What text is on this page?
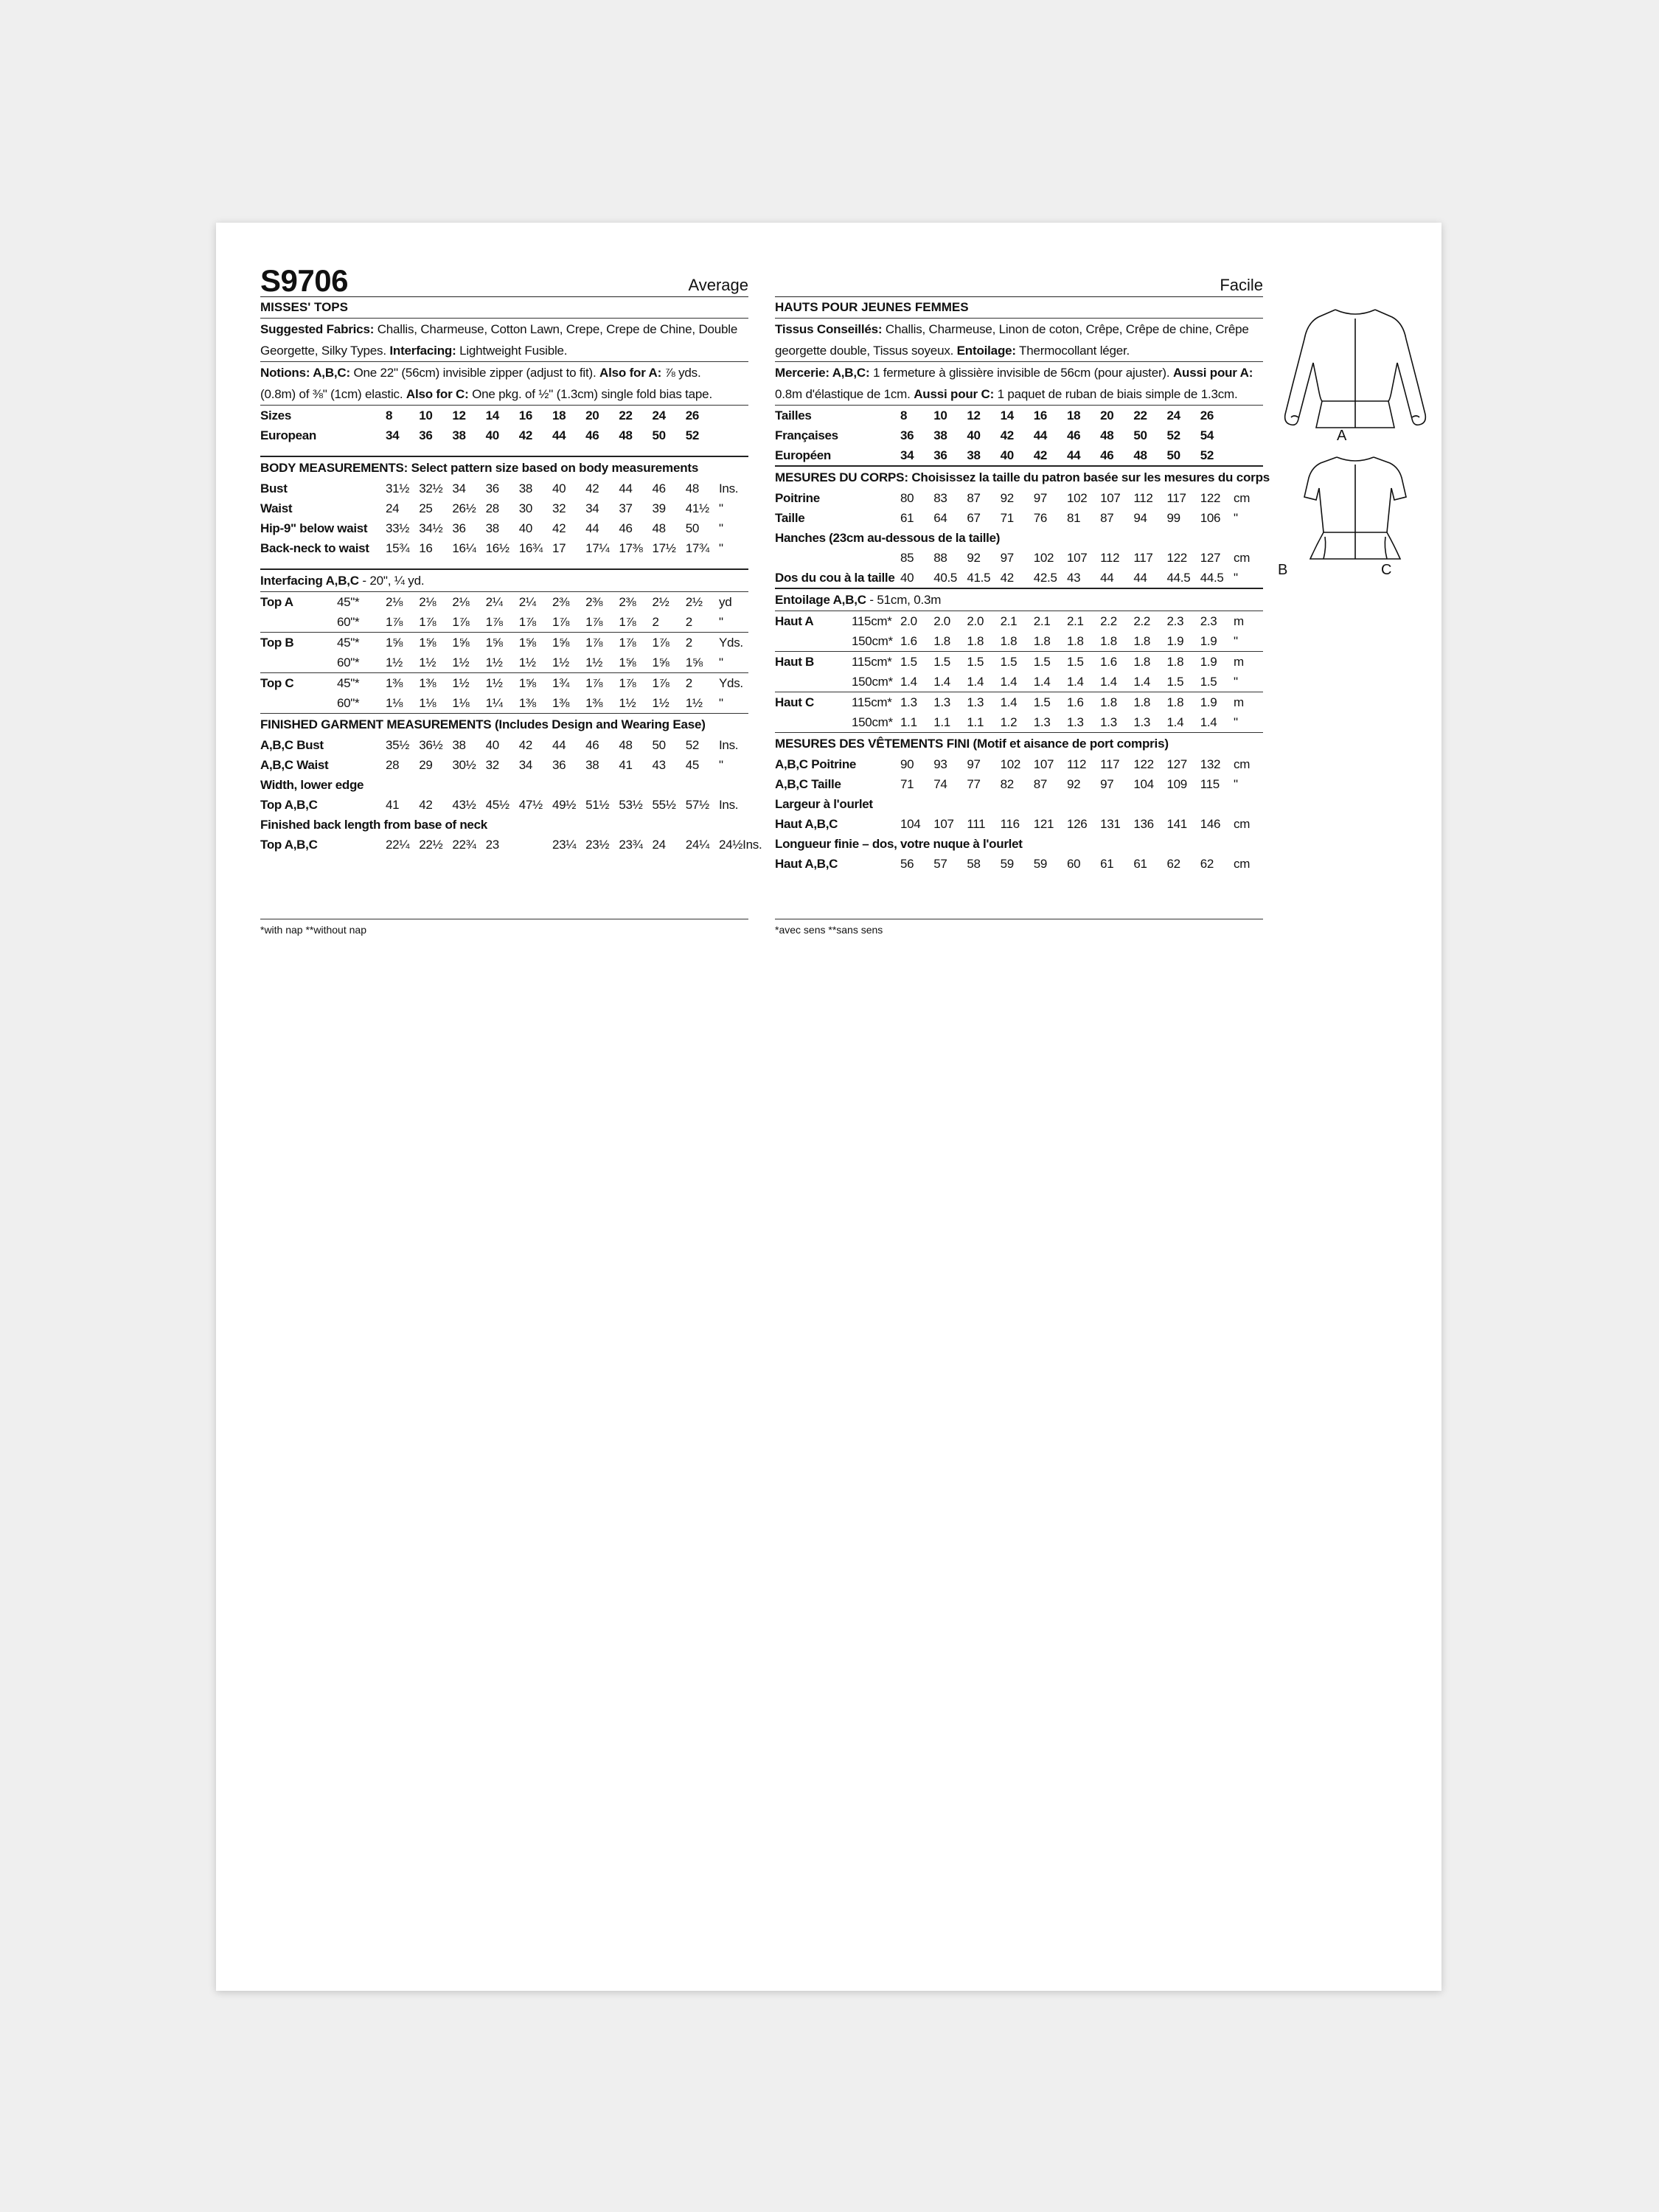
S9706	Average
MISSES' TOPS
Suggested Fabrics: Challis, Charmeuse, Cotton Lawn, Crepe, Crepe de Chine, Double
Georgette, Silky Types. Interfacing: Lightweight Fusible.
Notions: A,B,C: One 22" (56cm) invisible zipper (adjust to fit). Also for A: ⅞ yds.
(0.8m) of ⅜" (1cm) elastic. Also for C: One pkg. of ½" (1.3cm) single fold bias tape.
Sizes	8	10	12	14	16	18	20	22	24	26	
European	34	36	38	40	42	44	46	48	50	52	
BODY MEASUREMENTS: Select pattern size based on body measurements
Bust	31½	32½	34	36	38	40	42	44	46	48	Ins.
Waist	24	25	26½	28	30	32	34	37	39	41½	"
Hip-9" below waist	33½	34½	36	38	40	42	44	46	48	50	"
Back-neck to waist	15¾	16	16¼	16½	16¾	17	17¼	17⅜	17½	17¾	"
Interfacing A,B,C - 20", ¼ yd.
Top A	45"*	2⅛	2⅛	2⅛	2¼	2¼	2⅜	2⅜	2⅜	2½	2½	yd
	60"*	1⅞	1⅞	1⅞	1⅞	1⅞	1⅞	1⅞	1⅞	2	2	"
Top B	45"*	1⅝	1⅝	1⅝	1⅝	1⅝	1⅝	1⅞	1⅞	1⅞	2	Yds.
	60"*	1½	1½	1½	1½	1½	1½	1½	1⅝	1⅝	1⅝	"
Top C	45"*	1⅜	1⅜	1½	1½	1⅝	1¾	1⅞	1⅞	1⅞	2	Yds.
	60"*	1⅛	1⅛	1⅛	1¼	1⅜	1⅜	1⅜	1½	1½	1½	"
FINISHED GARMENT MEASUREMENTS (Includes Design and Wearing Ease)
A,B,C Bust	35½	36½	38	40	42	44	46	48	50	52	Ins.
A,B,C Waist	28	29	30½	32	34	36	38	41	43	45	"
Width, lower edge											
Top A,B,C	41	42	43½	45½	47½	49½	51½	53½	55½	57½	Ins.
Finished back length from base of neck											
Top A,B,C	22¼	22½	22¾	23		23¼	23½	23¾	24	24¼	24½Ins.
*with nap **without nap
Facile
HAUTS POUR JEUNES FEMMES
Tissus Conseillés: Challis, Charmeuse, Linon de coton, Crêpe, Crêpe de chine, Crêpe
georgette double, Tissus soyeux. Entoilage: Thermocollant léger.
Mercerie: A,B,C: 1 fermeture à glissière invisible de 56cm (pour ajuster). Aussi pour A:
0.8m d'élastique de 1cm. Aussi pour C: 1 paquet de ruban de biais simple de 1.3cm.
Tailles	8	10	12	14	16	18	20	22	24	26	
Françaises	36	38	40	42	44	46	48	50	52	54	
Européen	34	36	38	40	42	44	46	48	50	52	
MESURES DU CORPS: Choisissez la taille du patron basée sur les mesures du corps
Poitrine	80	83	87	92	97	102	107	112	117	122	cm
Taille	61	64	67	71	76	81	87	94	99	106	"
Hanches (23cm au-dessous de la taille)											
	85	88	92	97	102	107	112	117	122	127	cm
Dos du cou à la taille	40	40.5	41.5	42	42.5	43	44	44	44.5	44.5	"
Entoilage A,B,C - 51cm, 0.3m
Haut A	115cm*	2.0	2.0	2.0	2.1	2.1	2.1	2.2	2.2	2.3	2.3	m
	150cm*	1.6	1.8	1.8	1.8	1.8	1.8	1.8	1.8	1.9	1.9	"
Haut B	115cm*	1.5	1.5	1.5	1.5	1.5	1.5	1.6	1.8	1.8	1.9	m
	150cm*	1.4	1.4	1.4	1.4	1.4	1.4	1.4	1.4	1.5	1.5	"
Haut C	115cm*	1.3	1.3	1.3	1.4	1.5	1.6	1.8	1.8	1.8	1.9	m
	150cm*	1.1	1.1	1.1	1.2	1.3	1.3	1.3	1.3	1.4	1.4	"
MESURES DES VÊTEMENTS FINI (Motif et aisance de port compris)
A,B,C Poitrine	90	93	97	102	107	112	117	122	127	132	cm
A,B,C Taille	71	74	77	82	87	92	97	104	109	115	"
Largeur à l'ourlet											
Haut A,B,C	104	107	111	116	121	126	131	136	141	146	cm
Longueur finie – dos, votre nuque à l'ourlet											
Haut A,B,C	56	57	58	59	59	60	61	61	62	62	cm
*avec sens **sans sens
A
B	C
